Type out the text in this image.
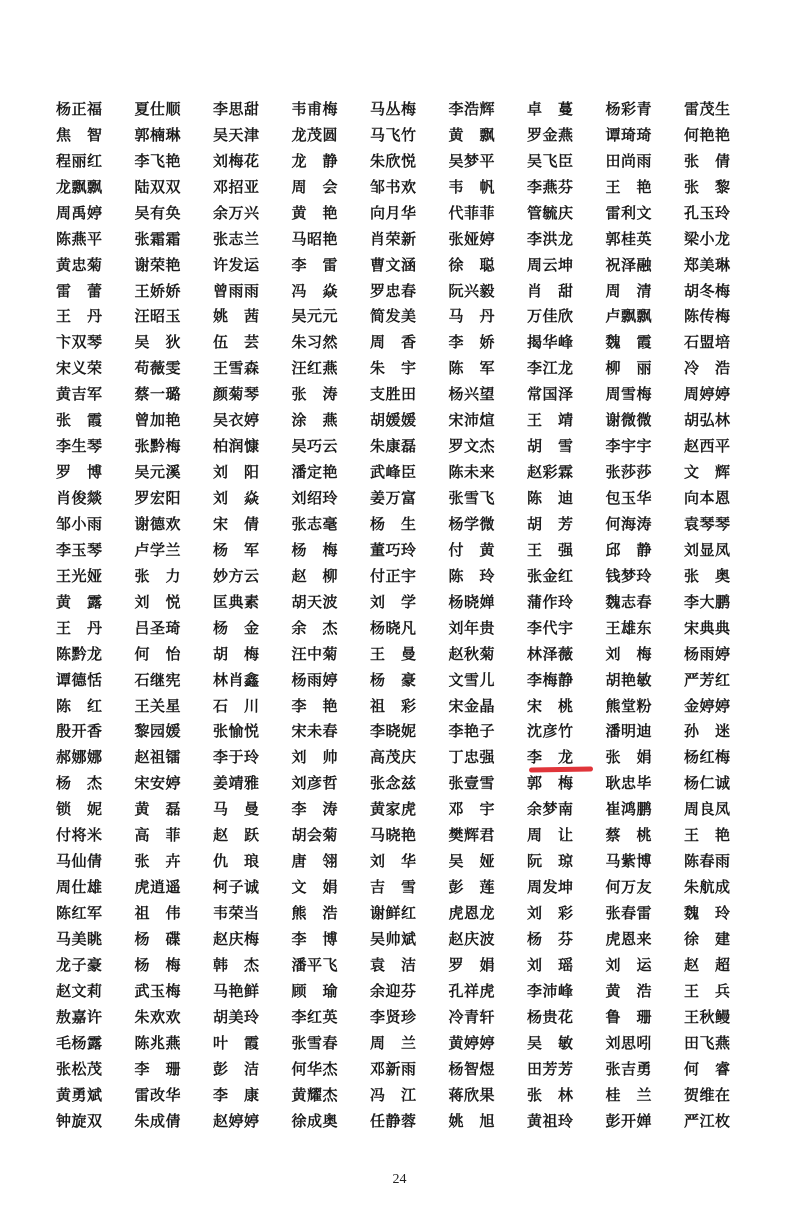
杨正福	夏仕顺	李思甜	韦甫梅	马丛梅	李浩辉	卓　蔓	杨彩青	雷茂生
焦　智	郭楠琳	吴天津	龙茂圆	马飞竹	黄　飘	罗金燕	谭琦琦	何艳艳
程丽红	李飞艳	刘梅花	龙　静	朱欣悦	吴梦平	吴飞臣	田尚雨	张　倩
龙飘飘	陆双双	邓招亚	周　会	邹书欢	韦　帆	李燕芬	王　艳	张　黎
周禹婷	吴有奂	余万兴	黄　艳	向月华	代菲菲	管毓庆	雷利文	孔玉玲
陈燕平	张霜霜	张志兰	马昭艳	肖荣新	张娅婷	李洪龙	郭桂英	梁小龙
黄忠菊	谢荣艳	许发运	李　雷	曹文涵	徐　聪	周云坤	祝泽融	郑美琳
雷　蕾	王娇娇	曾雨雨	冯　焱	罗忠春	阮兴毅	肖　甜	周　清	胡冬梅
王　丹	汪昭玉	姚　茜	吴元元	简发美	马　丹	万佳欣	卢飘飘	陈传梅
卞双琴	吴　狄	伍　芸	朱习然	周　香	李　娇	揭华峰	魏　霞	石盟培
宋义荣	苟薇雯	王雪森	汪红燕	朱　宇	陈　军	李江龙	柳　丽	冷　浩
黄吉军	蔡一璐	颜菊琴	张　涛	支胜田	杨兴望	常国泽	周雪梅	周婷婷
张　霞	曾加艳	吴衣婷	涂　燕	胡媛媛	宋沛煊	王　靖	谢微微	胡弘林
李生琴	张黔梅	柏润慷	吴巧云	朱康磊	罗文杰	胡　雪	李宇宇	赵西平
罗　博	吴元溪	刘　阳	潘定艳	武峰臣	陈未来	赵彩霖	张莎莎	文　辉
肖俊燚	罗宏阳	刘　焱	刘绍玲	姜万富	张雪飞	陈　迪	包玉华	向本恩
邹小雨	谢德欢	宋　倩	张志毫	杨　生	杨学微	胡　芳	何海涛	袁琴琴
李玉琴	卢学兰	杨　军	杨　梅	董巧玲	付　黄	王　强	邱　静	刘显凤
王光娅	张　力	妙方云	赵　柳	付正宇	陈　玲	张金红	钱梦玲	张　奥
黄　露	刘　悦	匡典素	胡天波	刘　学	杨晓婵	蒲作玲	魏志春	李大鹏
王　丹	吕圣琦	杨　金	余　杰	杨晓凡	刘年贵	李代宇	王雄东	宋典典
陈黔龙	何　怡	胡　梅	汪中菊	王　曼	赵秋菊	林泽薇	刘　梅	杨雨婷
谭德恬	石继宪	林肖鑫	杨雨婷	杨　豪	文雪儿	李梅静	胡艳敏	严芳红
陈　红	王关星	石　川	李　艳	祖　彩	宋金晶	宋　桃	熊堂粉	金婷婷
殷开香	黎园媛	张愉悦	宋未春	李晓妮	李艳子	沈彦竹	潘明迪	孙　迷
郝娜娜	赵祖镭	李于玲	刘　帅	高茂庆	丁忠强	李　龙	张　娟	杨红梅
杨　杰	宋安婷	姜靖雅	刘彦哲	张念兹	张壹雪	郭　梅	耿忠毕	杨仁诚
锁　妮	黄　磊	马　曼	李　涛	黄家虎	邓　宇	余梦南	崔鸿鹏	周良凤
付将米	高　菲	赵　跃	胡会菊	马晓艳	樊辉君	周　让	蔡　桃	王　艳
马仙倩	张　卉	仇　琅	唐　翎	刘　华	吴　娅	阮　琼	马紫博	陈春雨
周仕雄	虎逍遥	柯子诚	文　娟	吉　雪	彭　莲	周发坤	何万友	朱航成
陈红军	祖　伟	韦荣当	熊　浩	谢鲜红	虎恩龙	刘　彩	张春雷	魏　玲
马美眺	杨　碟	赵庆梅	李　博	吴帅斌	赵庆波	杨　芬	虎恩来	徐　建
龙子豪	杨　梅	韩　杰	潘平飞	袁　洁	罗　娟	刘　瑶	刘　运	赵　超
赵文莉	武玉梅	马艳鲜	顾　瑜	余迎芬	孔祥虎	李沛峰	黄　浩	王　兵
敖嘉许	朱欢欢	胡美玲	李红英	李贤珍	冷青轩	杨贵花	鲁　珊	王秋鳗
毛杨露	陈兆燕	叶　霞	张雪春	周　兰	黄婷婷	吴　敏	刘思吲	田飞燕
张松茂	李　珊	彭　洁	何华杰	邓新雨	杨智煜	田芳芳	张吉勇	何　睿
黄勇斌	雷改华	李　康	黄耀杰	冯　江	蒋欣果	张　林	桂　兰	贺维在
钟旋双	朱成倩	赵婷婷	徐成奥	任静蓉	姚　旭	黄祖玲	彭开婵	严江枚
24
